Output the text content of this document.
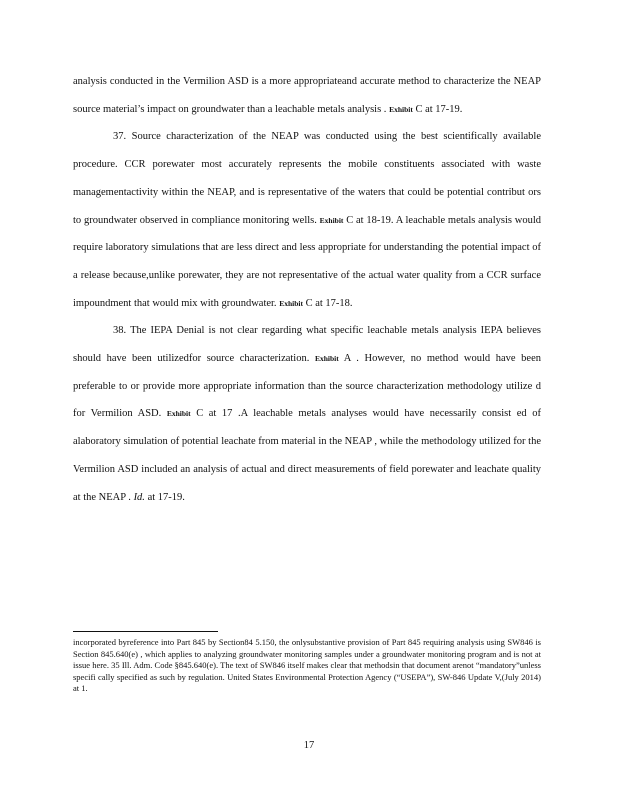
analysis conducted in the Vermilion ASD is a more appropriateand accurate method to characterize the NEAP source material’s impact on groundwater than a leachable metals analysis . Exhibit C at 17-19.

37. Source characterization of the NEAP was conducted using the best scientifically available procedure. CCR porewater most accurately represents the mobile constituents associated with waste managementactivity within the NEAP, and is representative of the waters that could be potential contribut ors to groundwater observed in compliance monitoring wells. Exhibit C at 18-19. A leachable metals analysis would require laboratory simulations that are less direct and less appropriate for understanding the potential impact of a release because,unlike porewater, they are not representative of the actual water quality from a CCR surface impoundment that would mix with groundwater. Exhibit C at 17-18.

38. The IEPA Denial is not clear regarding what specific leachable metals analysis IEPA believes should have been utilizedfor source characterization. Exhibit A . However, no method would have been preferable to or provide more appropriate information than the source characterization methodology utilize d for Vermilion ASD. Exhibit C at 17 .A leachable metals analyses would have necessarily consist ed of alaboratory simulation of potential leachate from material in the NEAP , while the methodology utilized for the Vermilion ASD included an analysis of actual and direct measurements of field porewater and leachate quality at the NEAP . Id. at 17-19.

incorporated byreference into Part 845 by Section84 5.150, the onlysubstantive provision of Part 845 requiring analysis using SW846 is Section 845.640(e) , which applies to analyzing groundwater monitoring samples under a groundwater monitoring program and is not at issue here. 35 Ill. Adm. Code §845.640(e). The text of SW846 itself makes clear that methodsin that document arenot “mandatory”unless specifi cally specified as such by regulation. United States Environmental Protection Agency (“USEPA”), SW-846 Update V,(July 2014) at 1.
17
